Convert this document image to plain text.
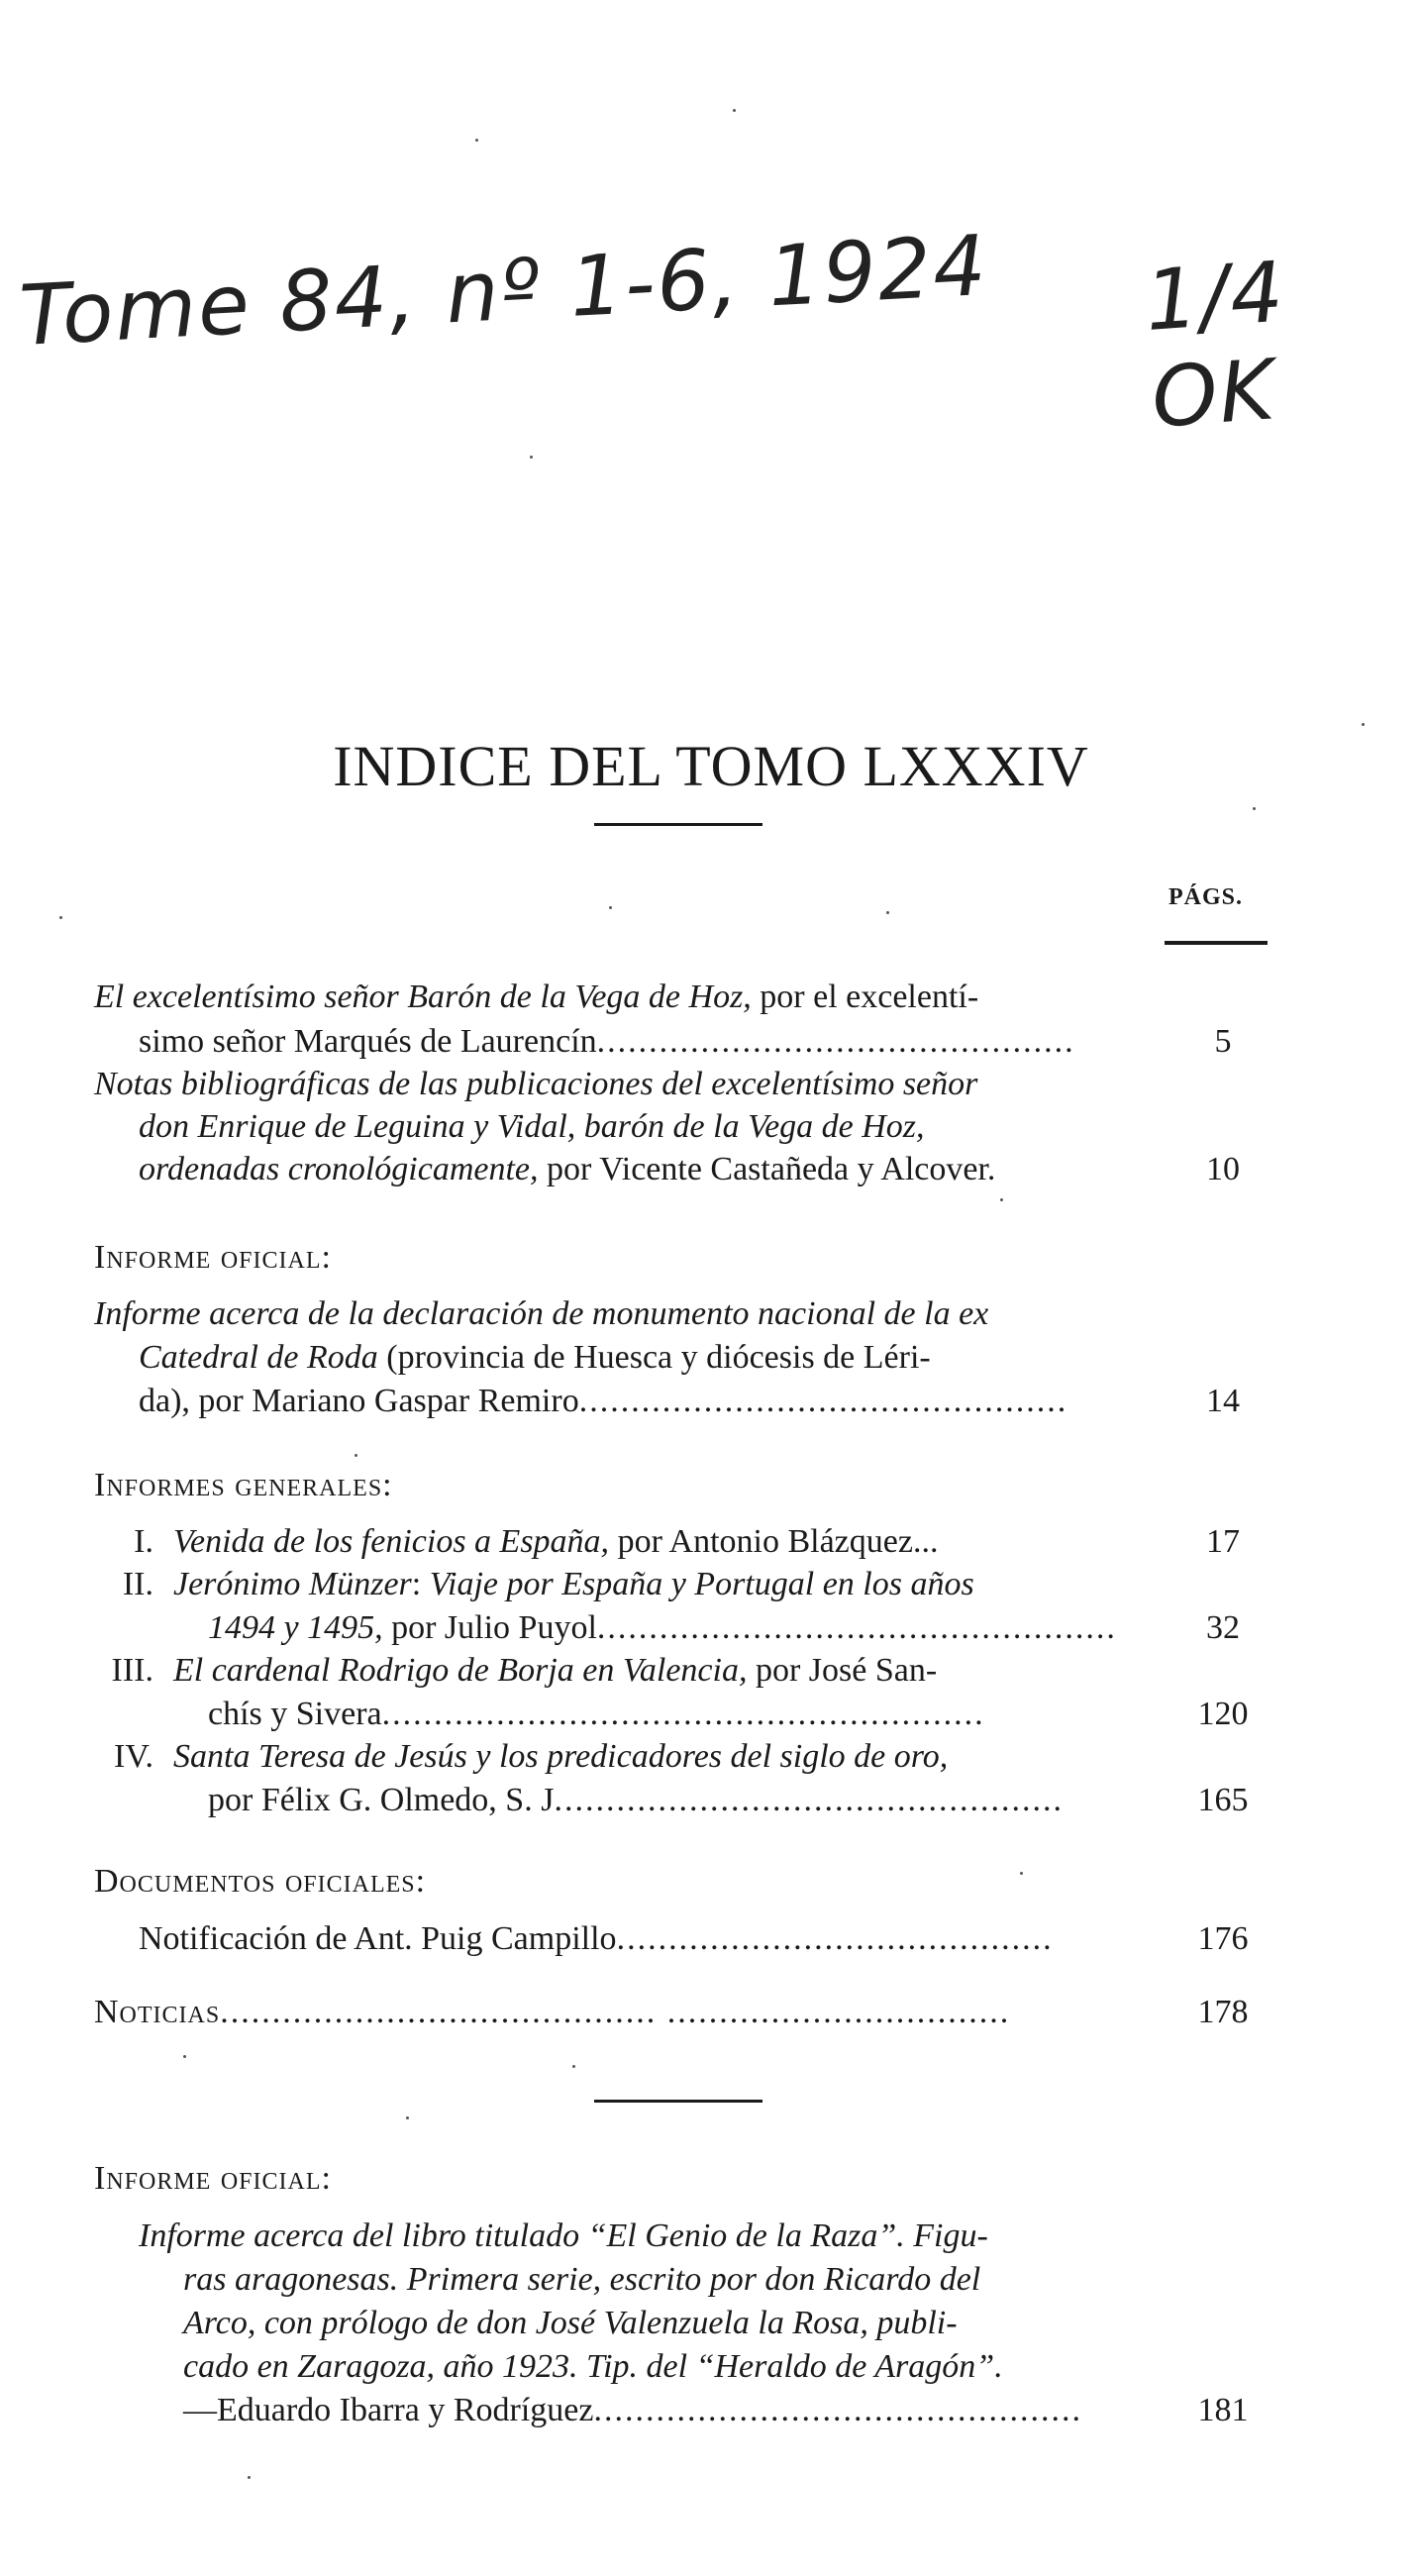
Tome 84, nº 1-6, 1924 1/4 OK
INDICE DEL TOMO LXXXIV
PÁGS.
El excelentísimo señor Barón de la Vega de Hoz, por el excelentí-
simo señor Marqués de Laurencín..............................................	5
Notas bibliográficas de las publicaciones del excelentísimo señor
don Enrique de Leguina y Vidal, barón de la Vega de Hoz,
ordenadas cronológicamente, por Vicente Castañeda y Alcover.	10
Informe oficial:
Informe acerca de la declaración de monumento nacional de la ex
Catedral de Roda (provincia de Huesca y diócesis de Léri-
da), por Mariano Gaspar Remiro...............................................	14
Informes generales:
I. Venida de los fenicios a España, por Antonio Blázquez...	17
II. Jerónimo Münzer: Viaje por España y Portugal en los años
1494 y 1495, por Julio Puyol..................................................	32
III. El cardenal Rodrigo de Borja en Valencia, por José San-
chís y Sivera..........................................................	120
IV. Santa Teresa de Jesús y los predicadores del siglo de oro,
por Félix G. Olmedo, S. J.................................................	165
Documentos oficiales:
Notificación de Ant. Puig Campillo..........................................	176
Noticias.......................................... .................................	178
Informe oficial:
Informe acerca del libro titulado “El Genio de la Raza”. Figu-
ras aragonesas. Primera serie, escrito por don Ricardo del
Arco, con prólogo de don José Valenzuela la Rosa, publi-
cado en Zaragoza, año 1923. Tip. del “Heraldo de Aragón”.
—Eduardo Ibarra y Rodríguez...............................................	181
